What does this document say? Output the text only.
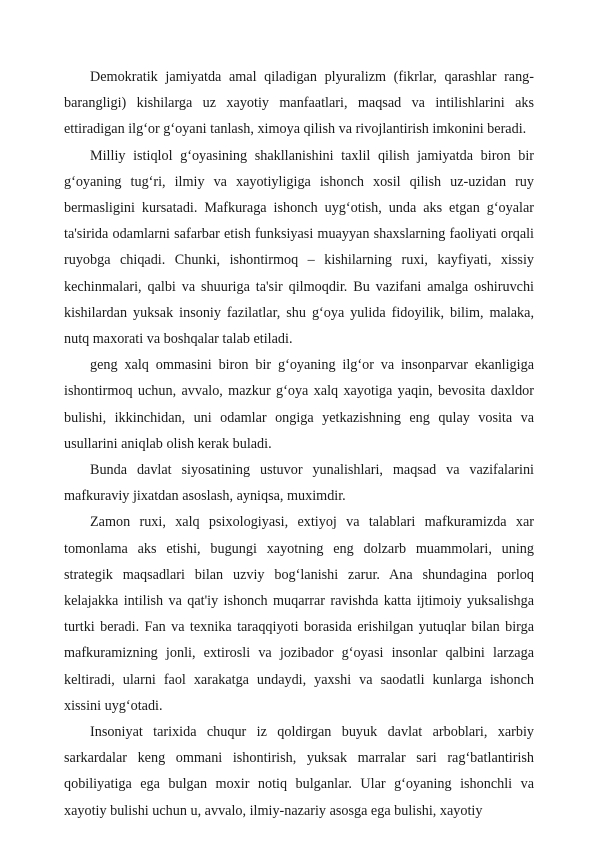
Demokratik jamiyatda amal qiladigan plyuralizm (fikrlar, qarashlar rang-barangligi) kishilarga uz xayotiy manfaatlari, maqsad va intilishlarini aks ettiradigan ilg‘or g‘oyani tanlash, ximoya qilish va rivojlantirish imkonini beradi.

Milliy istiqlol g‘oyasining shakllanishini taxlil qilish jamiyatda biron bir g‘oyaning tug‘ri, ilmiy va xayotiyligiga ishonch xosil qilish uz-uzidan ruy bermasligini kursatadi. Mafkuraga ishonch uyg‘otish, unda aks etgan g‘oyalar ta'sirida odamlarni safarbar etish funksiyasi muayyan shaxslarning faoliyati orqali ruyobga chiqadi. Chunki, ishontirmoq – kishilarning ruxi, kayfiyati, xissiy kechinmalari, qalbi va shuuriga ta'sir qilmoqdir. Bu vazifani amalga oshiruvchi kishilardan yuksak insoniy fazilatlar, shu g‘oya yulida fidoyilik, bilim, malaka, nutq maxorati va boshqalar talab etiladi.

geng xalq ommasini biron bir g‘oyaning ilg‘or va insonparvar ekanligiga ishontirmoq uchun, avvalo, mazkur g‘oya xalq xayotiga yaqin, bevosita daxldor bulishi, ikkinchidan, uni odamlar ongiga yetkazishning eng qulay vosita va usullarini aniqlab olish kerak buladi.

Bunda davlat siyosatining ustuvor yunalishlari, maqsad va vazifalarini mafkuraviy jixatdan asoslash, ayniqsa, muximdir.

Zamon ruxi, xalq psixologiyasi, extiyoj va talablari mafkuramizda xar tomonlama aks etishi, bugungi xayotning eng dolzarb muammolari, uning strategik maqsadlari bilan uzviy bog‘lanishi zarur. Ana shundagina porloq kelajakka intilish va qat'iy ishonch muqarrar ravishda katta ijtimoiy yuksalishga turtki beradi. Fan va texnika taraqqiyoti borasida erishilgan yutuqlar bilan birga mafkuramizning jonli, extirosli va jozibador g‘oyasi insonlar qalbini larzaga keltiradi, ularni faol xarakatga undaydi, yaxshi va saodatli kunlarga ishonch xissini uyg‘otadi.

Insoniyat tarixida chuqur iz qoldirgan buyuk davlat arboblari, xarbiy sarkardalar keng ommani ishontirish, yuksak marralar sari rag‘batlantirish qobiliyatiga ega bulgan moxir notiq bulganlar. Ular g‘oyaning ishonchli va xayotiy bulishi uchun u, avvalo, ilmiy-nazariy asosga ega bulishi, xayotiy
